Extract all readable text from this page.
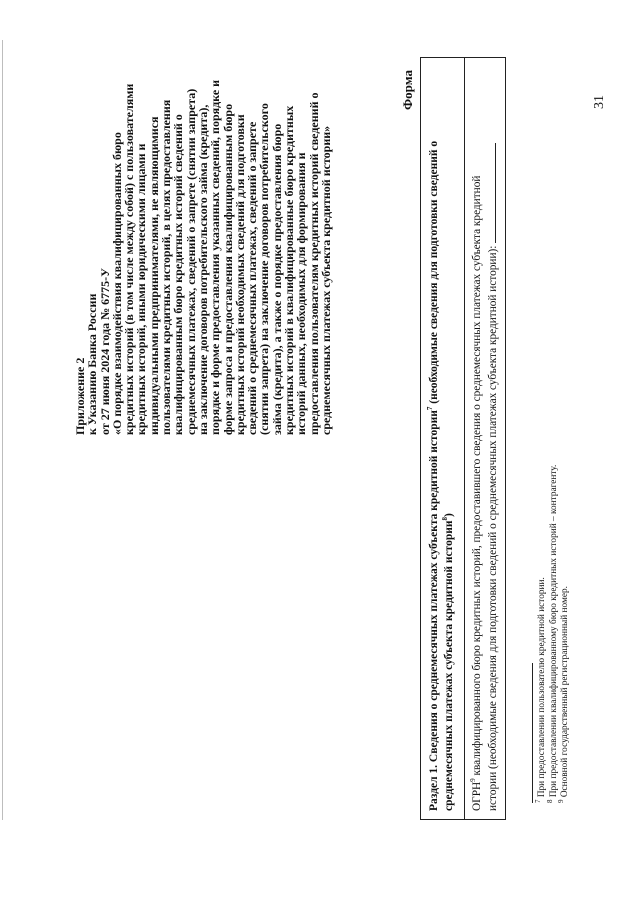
Приложение 2
к Указанию Банка России
от 27 июня 2024 года № 6775-У
«О порядке взаимодействия квалифицированных бюро
кредитных историй (в том числе между собой) с пользователями
кредитных историй, иными юридическими лицами и
индивидуальными предпринимателями, не являющимися
пользователями кредитных историй, в целях предоставления
квалифицированным бюро кредитных историй сведений о
среднемесячных платежах, сведений о запрете (снятии запрета)
на заключение договоров потребительского займа (кредита),
порядке и форме предоставления указанных сведений, порядке и
форме запроса и предоставления квалифицированным бюро
кредитных историй необходимых сведений для подготовки
сведений о среднемесячных платежах, сведений о запрете
(снятии запрета) на заключение договоров потребительского
займа (кредита), а также о порядке предоставления бюро
кредитных историй в квалифицированные бюро кредитных
историй данных, необходимых для формирования и
предоставления пользователям кредитных историй сведений о
среднемесячных платежах субъекта кредитной истории»
Форма
Раздел 1. Сведения о среднемесячных платежах субъекта кредитной истории$^7$ (необходимые сведения для подготовки сведений о
среднемесячных платежах субъекта кредитной истории$^8$)
ОГРН$^9$ квалифицированного бюро кредитных историй, предоставившего сведения о среднемесячных платежах субъекта кредитной истории (необходимые сведения для подготовки сведений о среднемесячных платежах субъекта кредитной истории):	$^7$ При предоставлении пользователю кредитной истории.
$^8$ При предоставлении квалифицированному бюро кредитных историй – контрагенту.
$^9$ Основной государственный регистрационный номер.
31
